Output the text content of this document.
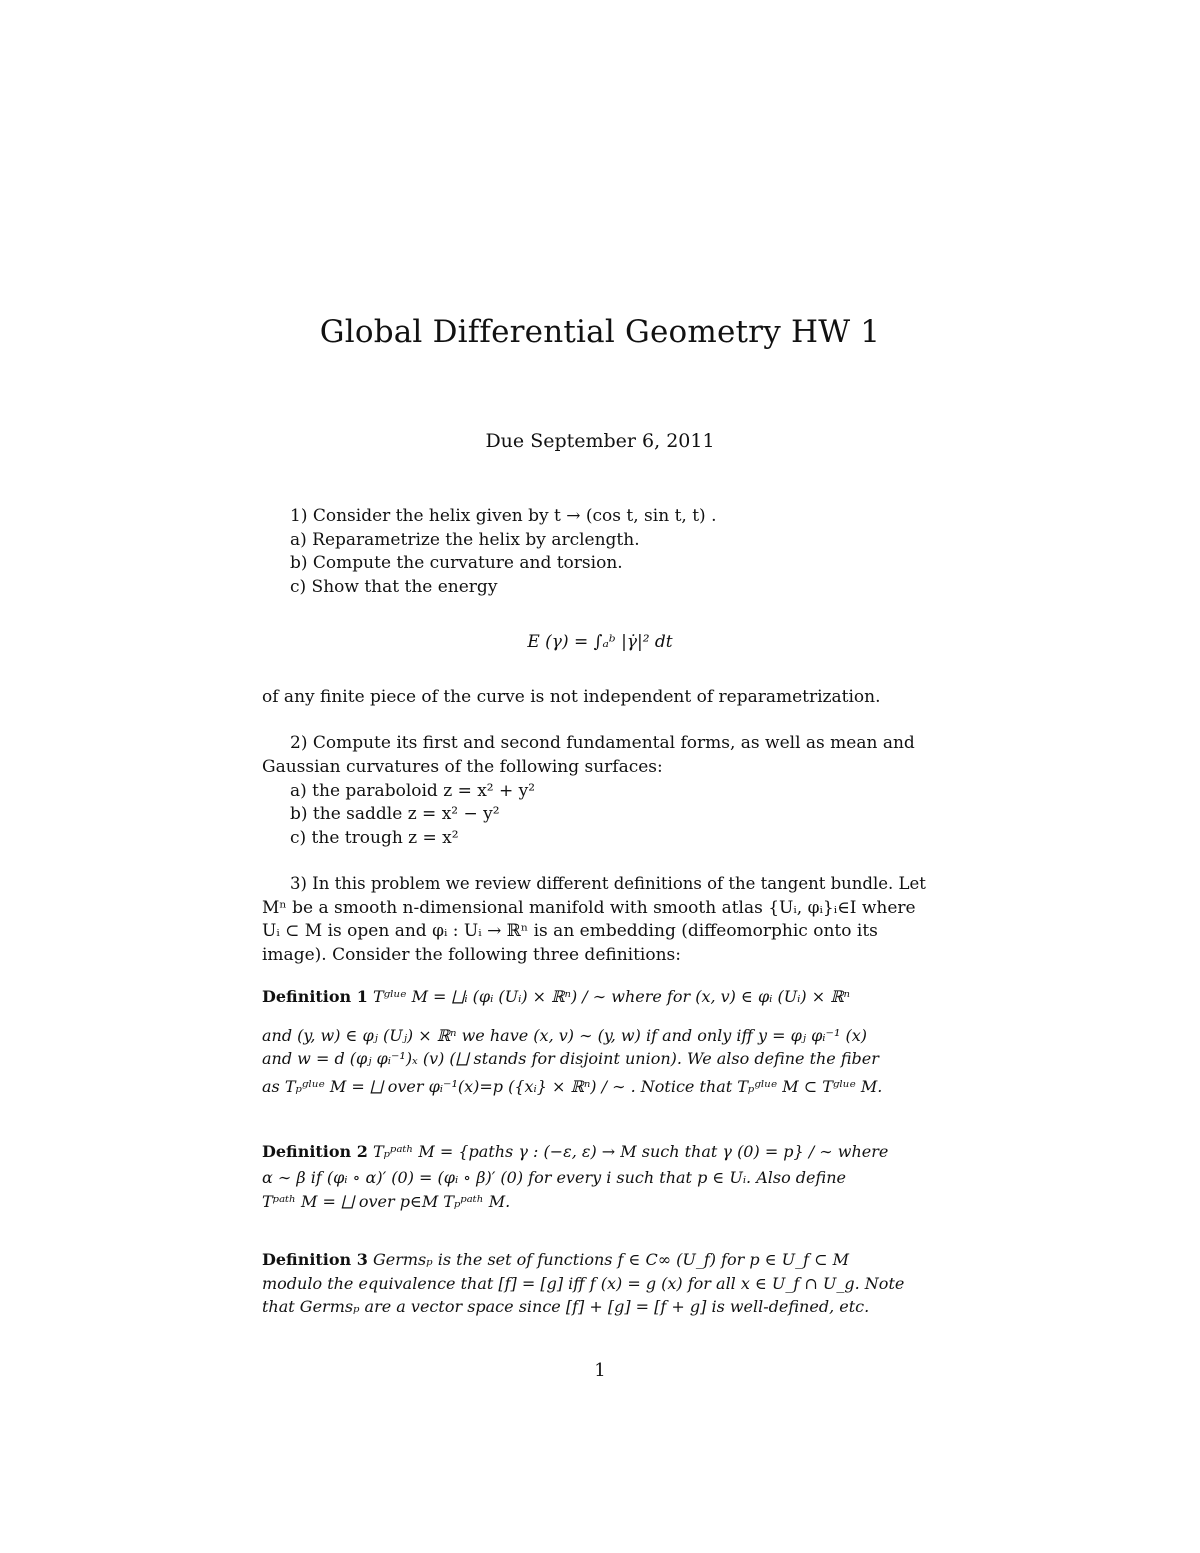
Global Differential Geometry HW 1
Due September 6, 2011
1) Consider the helix given by t → (cos t, sin t, t) .
a) Reparametrize the helix by arclength.
b) Compute the curvature and torsion.
c) Show that the energy
E (γ) = ∫ₐᵇ |γ̇|² dt
of any finite piece of the curve is not independent of reparametrization.
2) Compute its first and second fundamental forms, as well as mean and
Gaussian curvatures of the following surfaces:
a) the paraboloid z = x² + y²
b) the saddle z = x² − y²
c) the trough z = x²
3) In this problem we review different definitions of the tangent bundle. Let
Mⁿ be a smooth n-dimensional manifold with smooth atlas {Uᵢ, φᵢ}ᵢ∈I where
Uᵢ ⊂ M is open and φᵢ : Uᵢ → ℝⁿ is an embedding (diffeomorphic onto its
image). Consider the following three definitions:
Definition 1 Tᵍˡᵘᵉ M = ⨆ᵢ (φᵢ (Uᵢ) × ℝⁿ) / ∼ where for (x, v) ∈ φᵢ (Uᵢ) × ℝⁿ
and (y, w) ∈ φⱼ (Uⱼ) × ℝⁿ we have (x, v) ∼ (y, w) if and only iff y = φⱼ φᵢ⁻¹ (x)
and w = d (φⱼ φᵢ⁻¹)ₓ (v) (⨆ stands for disjoint union). We also define the fiber
as Tₚᵍˡᵘᵉ M = ⨆ over φᵢ⁻¹(x)=p ({xᵢ} × ℝⁿ) / ∼ . Notice that Tₚᵍˡᵘᵉ M ⊂ Tᵍˡᵘᵉ M.
Definition 2 Tₚᵖᵃᵗʰ M = {paths γ : (−ε, ε) → M such that γ (0) = p} / ∼ where
α ∼ β if (φᵢ ∘ α)′ (0) = (φᵢ ∘ β)′ (0) for every i such that p ∈ Uᵢ. Also define
Tᵖᵃᵗʰ M = ⨆ over p∈M Tₚᵖᵃᵗʰ M.
Definition 3 Germsₚ is the set of functions f ∈ C∞ (U_f) for p ∈ U_f ⊂ M
modulo the equivalence that [f] = [g] iff f (x) = g (x) for all x ∈ U_f ∩ U_g. Note
that Germsₚ are a vector space since [f] + [g] = [f + g] is well-defined, etc.
1
